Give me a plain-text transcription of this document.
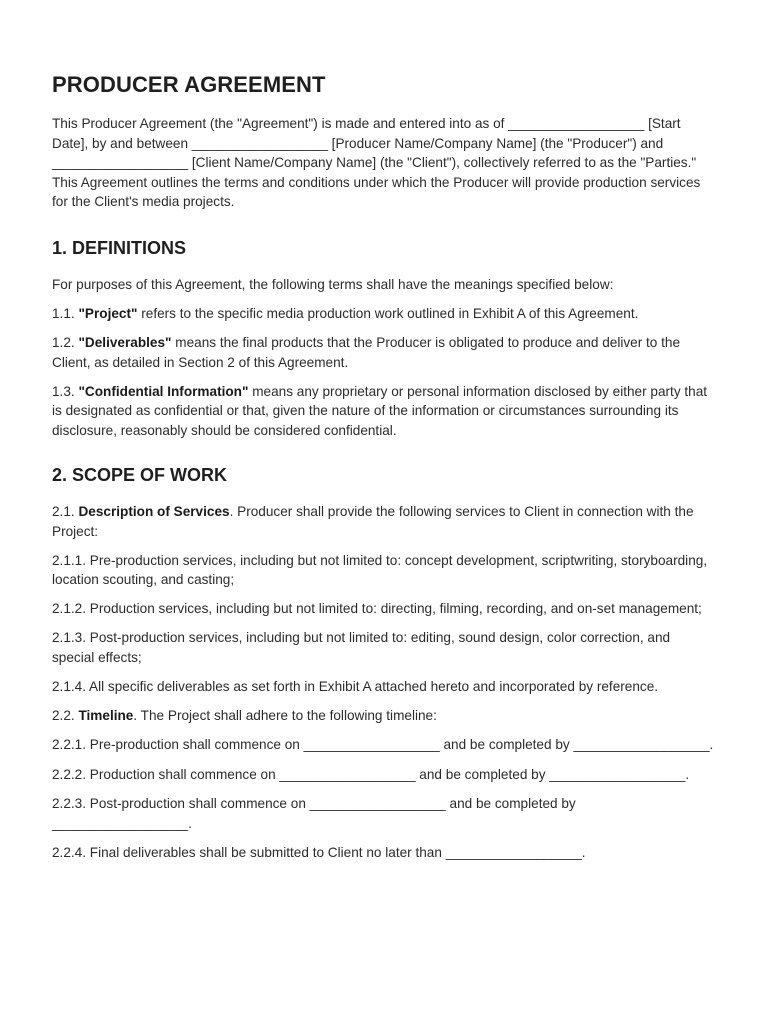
PRODUCER AGREEMENT

This Producer Agreement (the "Agreement") is made and entered into as of __________________ [Start Date], by and between __________________ [Producer Name/Company Name] (the "Producer") and __________________ [Client Name/Company Name] (the "Client"), collectively referred to as the "Parties." This Agreement outlines the terms and conditions under which the Producer will provide production services for the Client's media projects.

1. DEFINITIONS

For purposes of this Agreement, the following terms shall have the meanings specified below:

1.1. "Project" refers to the specific media production work outlined in Exhibit A of this Agreement.

1.2. "Deliverables" means the final products that the Producer is obligated to produce and deliver to the Client, as detailed in Section 2 of this Agreement.

1.3. "Confidential Information" means any proprietary or personal information disclosed by either party that is designated as confidential or that, given the nature of the information or circumstances surrounding its disclosure, reasonably should be considered confidential.

2. SCOPE OF WORK

2.1. Description of Services. Producer shall provide the following services to Client in connection with the Project:

2.1.1. Pre-production services, including but not limited to: concept development, scriptwriting, storyboarding, location scouting, and casting;

2.1.2. Production services, including but not limited to: directing, filming, recording, and on-set management;

2.1.3. Post-production services, including but not limited to: editing, sound design, color correction, and special effects;

2.1.4. All specific deliverables as set forth in Exhibit A attached hereto and incorporated by reference.

2.2. Timeline. The Project shall adhere to the following timeline:

2.2.1. Pre-production shall commence on __________________ and be completed by __________________.

2.2.2. Production shall commence on __________________ and be completed by __________________.

2.2.3. Post-production shall commence on __________________ and be completed by __________________.

2.2.4. Final deliverables shall be submitted to Client no later than __________________.
